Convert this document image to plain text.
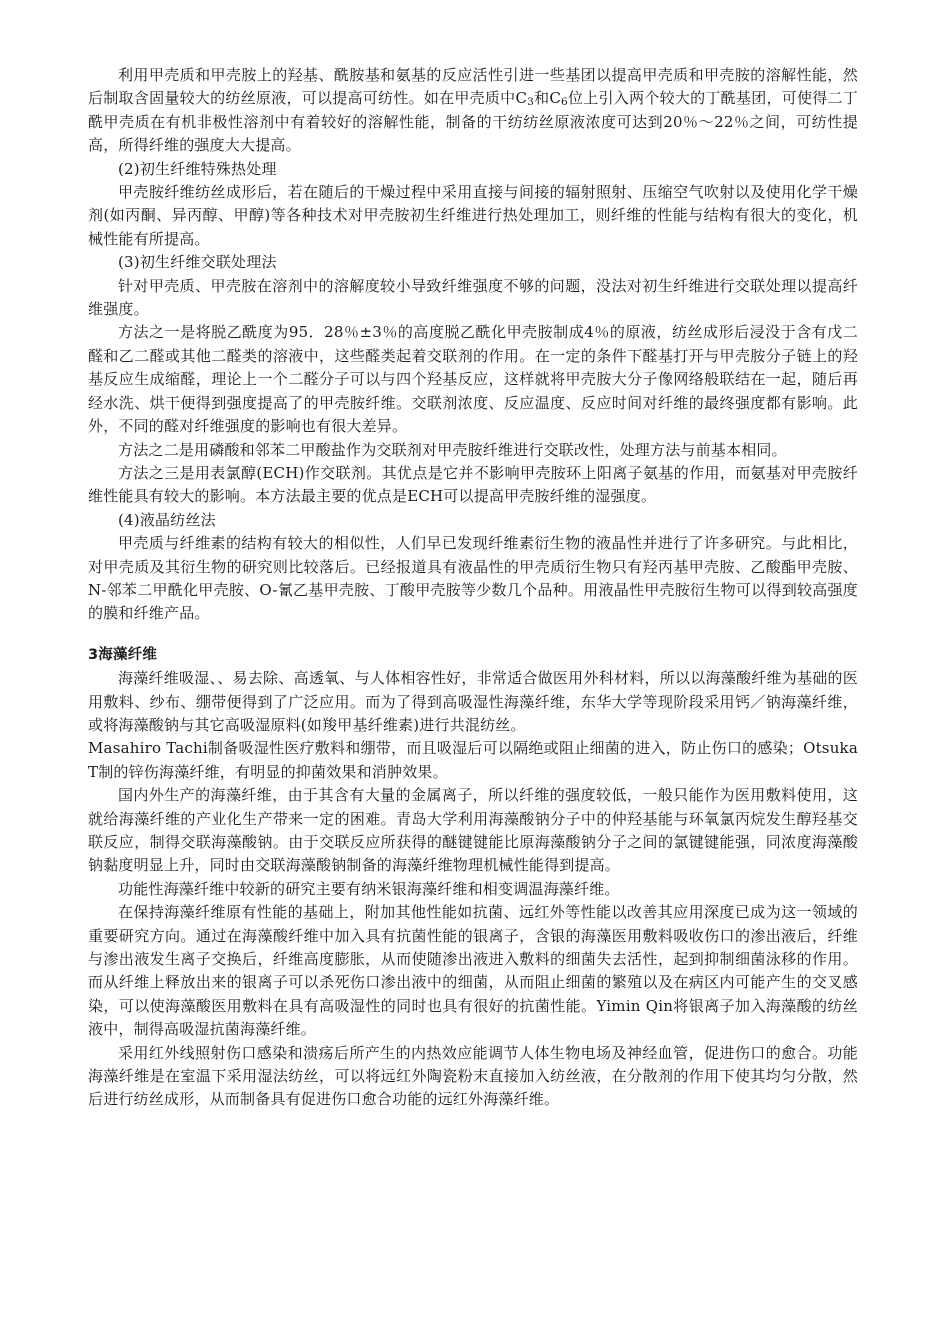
利用甲壳质和甲壳胺上的羟基、酰胺基和氨基的反应活性引进一些基团以提高甲壳质和甲壳胺的溶解性能，然后制取含固量较大的纺丝原液，可以提高可纺性。如在甲壳质中$C_3$和$C_6$位上引入两个较大的丁酰基团，可使得二丁酰甲壳质在有机非极性溶剂中有着较好的溶解性能，制备的干纺纺丝原液浓度可达到20％～22％之间，可纺性提高，所得纤维的强度大大提高。

(2)初生纤维特殊热处理

甲壳胺纤维纺丝成形后，若在随后的干燥过程中采用直接与间接的辐射照射、压缩空气吹射以及使用化学干燥剂(如丙酮、异丙醇、甲醇)等各种技术对甲壳胺初生纤维进行热处理加工，则纤维的性能与结构有很大的变化，机械性能有所提高。

(3)初生纤维交联处理法

针对甲壳质、甲壳胺在溶剂中的溶解度较小导致纤维强度不够的问题，没法对初生纤维进行交联处理以提高纤维强度。

方法之一是将脱乙酰度为95．28％±3％的高度脱乙酰化甲壳胺制成4％的原液，纺丝成形后浸没于含有戊二醛和乙二醛或其他二醛类的溶液中，这些醛类起着交联剂的作用。在一定的条件下醛基打开与甲壳胺分子链上的羟基反应生成缩醛，理论上一个二醛分子可以与四个羟基反应，这样就将甲壳胺大分子像网络般联结在一起，随后再经水洗、烘干便得到强度提高了的甲壳胺纤维。交联剂浓度、反应温度、反应时间对纤维的最终强度都有影响。此外，不同的醛对纤维强度的影响也有很大差异。

方法之二是用磷酸和邻苯二甲酸盐作为交联剂对甲壳胺纤维进行交联改性，处理方法与前基本相同。

方法之三是用表氯醇(ECH)作交联剂。其优点是它并不影响甲壳胺环上阳离子氨基的作用，而氨基对甲壳胺纤维性能具有较大的影响。本方法最主要的优点是ECH可以提高甲壳胺纤维的湿强度。

(4)液晶纺丝法

甲壳质与纤维素的结构有较大的相似性，人们早已发现纤维素衍生物的液晶性并进行了许多研究。与此相比，对甲壳质及其衍生物的研究则比较落后。已经报道具有液晶性的甲壳质衍生物只有羟丙基甲壳胺、乙酸酯甲壳胺、N-邻苯二甲酰化甲壳胺、O-氰乙基甲壳胺、丁酸甲壳胺等少数几个品种。用液晶性甲壳胺衍生物可以得到较高强度的膜和纤维产品。

3海藻纤维

海藻纤维吸湿、、易去除、高透氧、与人体相容性好，非常适合做医用外科材料，所以以海藻酸纤维为基础的医用敷料、纱布、绷带便得到了广泛应用。而为了得到高吸湿性海藻纤维，东华大学等现阶段采用钙／钠海藻纤维，或将海藻酸钠与其它高吸湿原料(如羧甲基纤维素)进行共混纺丝。

Masahiro Tachi制备吸湿性医疗敷料和绷带，而且吸湿后可以隔绝或阻止细菌的进入，防止伤口的感染；Otsuka T制的锌伤海藻纤维，有明显的抑菌效果和消肿效果。

国内外生产的海藻纤维，由于其含有大量的金属离子，所以纤维的强度较低，一般只能作为医用敷料使用，这就给海藻纤维的产业化生产带来一定的困难。青岛大学利用海藻酸钠分子中的仲羟基能与环氧氯丙烷发生醇羟基交联反应，制得交联海藻酸钠。由于交联反应所获得的醚键键能比原海藻酸钠分子之间的氯键键能强，同浓度海藻酸钠黏度明显上升，同时由交联海藻酸钠制备的海藻纤维物理机械性能得到提高。

功能性海藻纤维中较新的研究主要有纳米银海藻纤维和相变调温海藻纤维。

在保持海藻纤维原有性能的基础上，附加其他性能如抗菌、远红外等性能以改善其应用深度已成为这一领域的重要研究方向。通过在海藻酸纤维中加入具有抗菌性能的银离子，含银的海藻医用敷料吸收伤口的渗出液后，纤维与渗出液发生离子交换后，纤维高度膨胀，从而使随渗出液进入敷料的细菌失去活性，起到抑制细菌泳移的作用。而从纤维上释放出来的银离子可以杀死伤口渗出液中的细菌，从而阻止细菌的繁殖以及在病区内可能产生的交叉感染，可以使海藻酸医用敷料在具有高吸湿性的同时也具有很好的抗菌性能。Yimin Qin将银离子加入海藻酸的纺丝液中，制得高吸湿抗菌海藻纤维。

采用红外线照射伤口感染和溃疡后所产生的内热效应能调节人体生物电场及神经血管，促进伤口的愈合。功能海藻纤维是在室温下采用湿法纺丝，可以将远红外陶瓷粉末直接加入纺丝液，在分散剂的作用下使其均匀分散，然后进行纺丝成形，从而制备具有促进伤口愈合功能的远红外海藻纤维。
